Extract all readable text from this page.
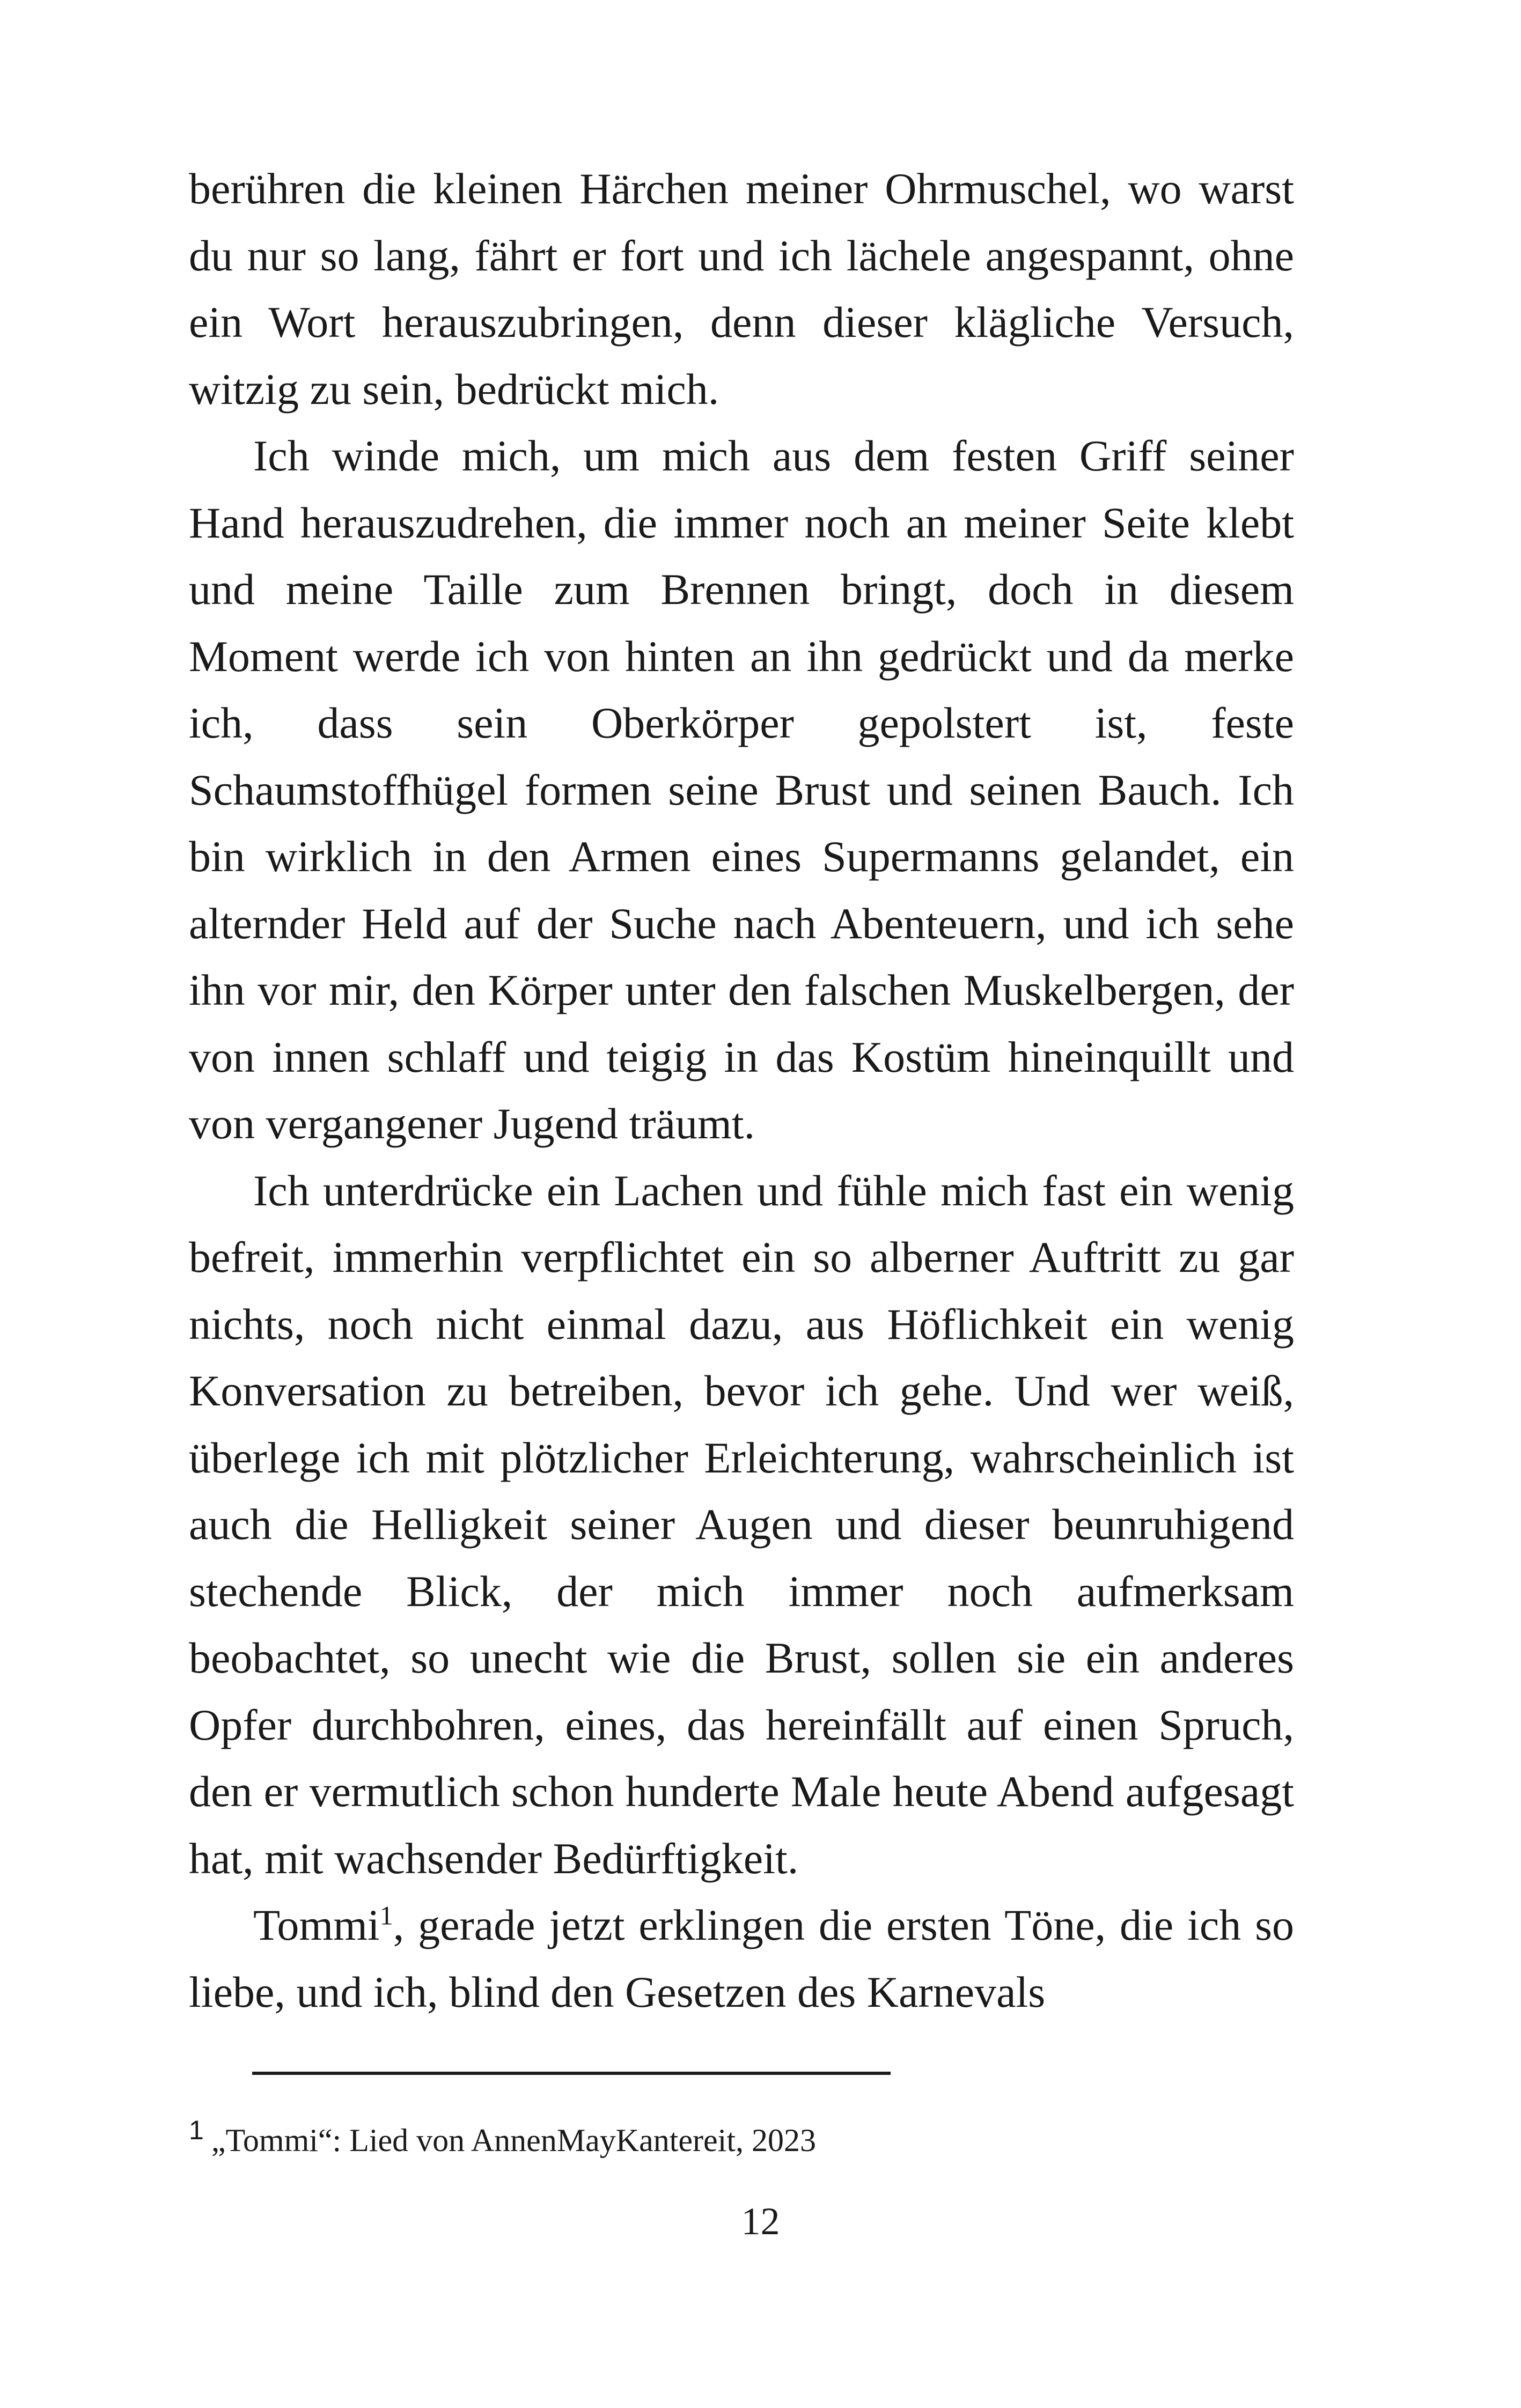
berühren die kleinen Härchen meiner Ohrmuschel, wo warst du nur so lang, fährt er fort und ich lächele angespannt, ohne ein Wort herauszubringen, denn dieser klägliche Versuch, witzig zu sein, bedrückt mich.

Ich winde mich, um mich aus dem festen Griff seiner Hand herauszudrehen, die immer noch an meiner Seite klebt und meine Taille zum Brennen bringt, doch in diesem Moment werde ich von hinten an ihn gedrückt und da merke ich, dass sein Oberkörper gepolstert ist, feste Schaumstoffhügel formen seine Brust und seinen Bauch. Ich bin wirklich in den Armen eines Supermanns gelandet, ein alternder Held auf der Suche nach Abenteuern, und ich sehe ihn vor mir, den Körper unter den falschen Muskelbergen, der von innen schlaff und teigig in das Kostüm hineinquillt und von vergangener Jugend träumt.

Ich unterdrücke ein Lachen und fühle mich fast ein wenig befreit, immerhin verpflichtet ein so alberner Auftritt zu gar nichts, noch nicht einmal dazu, aus Höflichkeit ein wenig Konversation zu betreiben, bevor ich gehe. Und wer weiß, überlege ich mit plötzlicher Erleichterung, wahrscheinlich ist auch die Helligkeit seiner Augen und dieser beunruhigend stechende Blick, der mich immer noch aufmerksam beobachtet, so unecht wie die Brust, sollen sie ein anderes Opfer durchbohren, eines, das hereinfällt auf einen Spruch, den er vermutlich schon hunderte Male heute Abend aufgesagt hat, mit wachsender Bedürftigkeit.

Tommi$^1$, gerade jetzt erklingen die ersten Töne, die ich so liebe, und ich, blind den Gesetzen des Karnevals

$^1$ „Tommi“: Lied von AnnenMayKantereit, 2023
12
